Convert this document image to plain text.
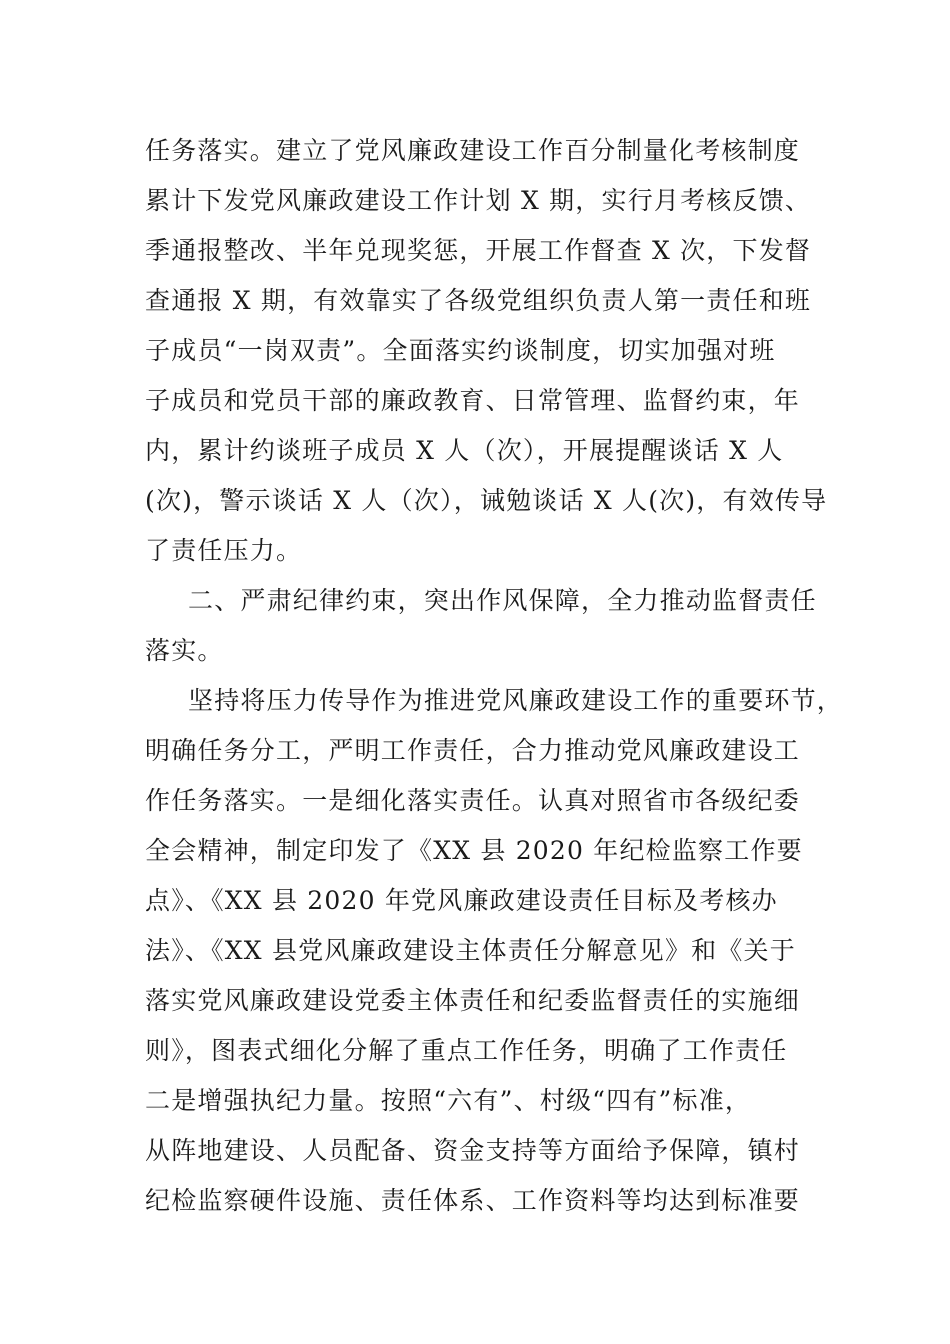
任务落实。建立了党风廉政建设工作百分制量化考核制度
累计下发党风廉政建设工作计划 X 期，实行月考核反馈、
季通报整改、半年兑现奖惩，开展工作督查 X 次，下发督
查通报 X 期，有效靠实了各级党组织负责人第一责任和班
子成员“一岗双责”。全面落实约谈制度，切实加强对班
子成员和党员干部的廉政教育、日常管理、监督约束，年
内，累计约谈班子成员 X 人（次），开展提醒谈话 X 人
(次)，警示谈话 X 人（次），诫勉谈话 X 人(次)，有效传导
了责任压力。
二、严肃纪律约束，突出作风保障，全力推动监督责任
落实。
坚持将压力传导作为推进党风廉政建设工作的重要环节，
明确任务分工，严明工作责任，合力推动党风廉政建设工
作任务落实。一是细化落实责任。认真对照省市各级纪委
全会精神，制定印发了《XX 县 2020 年纪检监察工作要
点》、《XX 县 2020 年党风廉政建设责任目标及考核办
法》、《XX 县党风廉政建设主体责任分解意见》和《关于
落实党风廉政建设党委主体责任和纪委监督责任的实施细
则》，图表式细化分解了重点工作任务，明确了工作责任
二是增强执纪力量。按照“六有”、村级“四有”标准，
从阵地建设、人员配备、资金支持等方面给予保障，镇村
纪检监察硬件设施、责任体系、工作资料等均达到标准要
